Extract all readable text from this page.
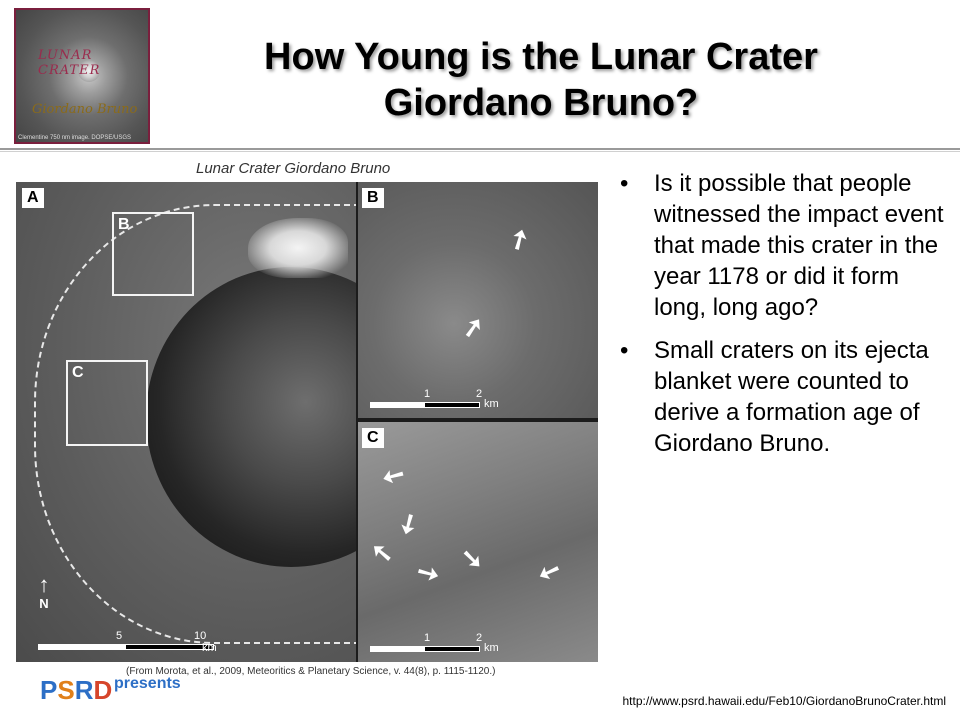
LUNAR CRATER
Giordano Bruno
Clementine 750 nm image. DOPSE/USGS
How Young is the Lunar Crater Giordano Bruno?
Lunar Crater Giordano Bruno
B
C
A
↑
N
5	10
km
B
➚
➚
1	2
km
C
➚
➚
➚
➚ ➚ ➚
1	2
km
(From Morota, et al., 2009, Meteoritics & Planetary Science, v. 44(8), p. 1115-1120.)
• Is it possible that people witnessed the impact event that made this crater in the year 1178 or did it form long, long ago?
• Small craters on its ejecta blanket were counted to derive a formation age of Giordano Bruno.
PSRD presents
http://www.psrd.hawaii.edu/Feb10/GiordanoBrunoCrater.html
